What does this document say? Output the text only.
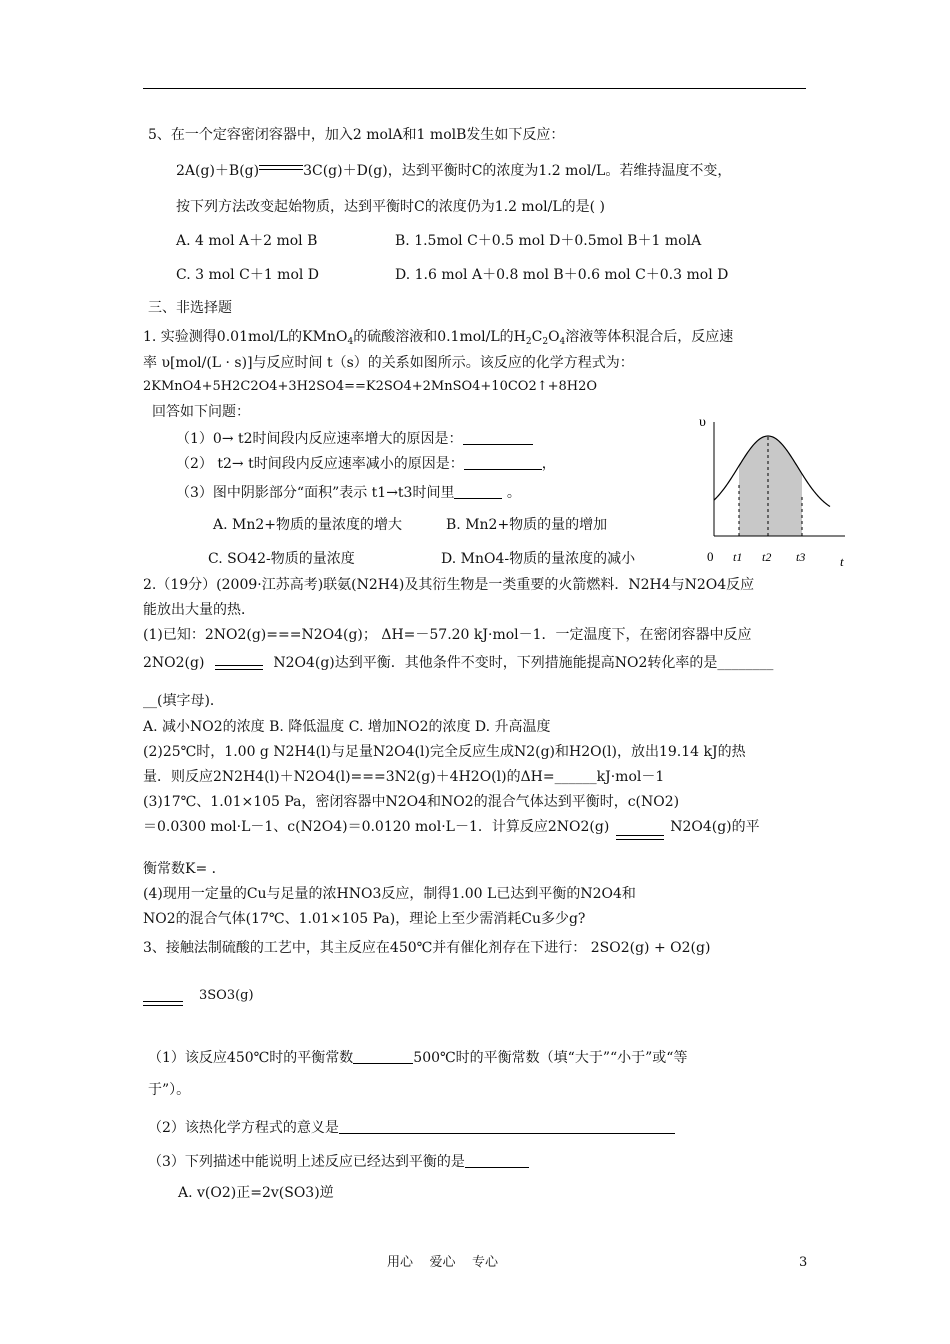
5、在一个定容密闭容器中，加入2 molA和1 molB发生如下反应：
2A(g)＋B(g)	3C(g)＋D(g)，达到平衡时C的浓度为1.2 mol/L。若维持温度不变，
按下列方法改变起始物质，达到平衡时C的浓度仍为1.2 mol/L的是( )
A. 4 mol A＋2 mol B	B. 1.5mol C＋0.5 mol D＋0.5mol B＋1 molA
C. 3 mol C＋1 mol D	D. 1.6 mol A＋0.8 mol B＋0.6 mol C＋0.3 mol D
三、非选择题
1. 实验测得0.01mol/L的KMnO$_4$的硫酸溶液和0.1mol/L的$H_2C_2O_4$溶液等体积混合后，反应速
率 υ[mol/(L · s)]与反应时间 t（s）的关系如图所示。该反应的化学方程式为：
2KMnO4+5H2C2O4+3H2SO4==K2SO4+2MnSO4+10CO2↑+8H2O
回答如下问题：
（1）0→ t2时间段内反应速率增大的原因是：
（2） t2→ t时间段内反应速率减小的原因是：	，
（3）图中阴影部分“面积”表示 t1→t3时间里	。
A. Mn2+物质的量浓度的增大	B. Mn2+物质的量的增加
C. SO42-物质的量浓度	D. MnO4-物质的量浓度的减小
υ
0 t1 t2 t3	t
2.（19分）(2009·江苏高考)联氨(N2H4)及其衍生物是一类重要的火箭燃料．N2H4与N2O4反应
能放出大量的热．
(1)已知：2NO2(g)===N2O4(g)； ΔH=－57.20 kJ·mol－1．一定温度下，在密闭容器中反应
2NO2(g)	N2O4(g)达到平衡．其他条件不变时，下列措施能提高NO2转化率的是________
__(填字母)．
A. 减小NO2的浓度 B. 降低温度 C. 增加NO2的浓度 D. 升高温度
(2)25℃时，1.00 g N2H4(l)与足量N2O4(l)完全反应生成N2(g)和H2O(l)，放出19.14 kJ的热
量．则反应2N2H4(l)＋N2O4(l)===3N2(g)＋4H2O(l)的ΔH=______kJ·mol－1
(3)17℃、1.01×105 Pa，密闭容器中N2O4和NO2的混合气体达到平衡时，c(NO2)
＝0.0300 mol·L－1、c(N2O4)＝0.0120 mol·L－1．计算反应2NO2(g)	N2O4(g)的平
衡常数K= ．
(4)现用一定量的Cu与足量的浓HNO3反应，制得1.00 L已达到平衡的N2O4和
NO2的混合气体(17℃、1.01×105 Pa)，理论上至少需消耗Cu多少g?
3、接触法制硫酸的工艺中，其主反应在450℃并有催化剂存在下进行： 2SO2(g) + O2(g)
3SO3(g)
（1）该反应450℃时的平衡常数	500℃时的平衡常数（填“大于”“小于”或“等
于”）。
（2）该热化学方程式的意义是
（3）下列描述中能说明上述反应已经达到平衡的是
A. v(O2)正=2v(SO3)逆
用心    爱心    专心	3
